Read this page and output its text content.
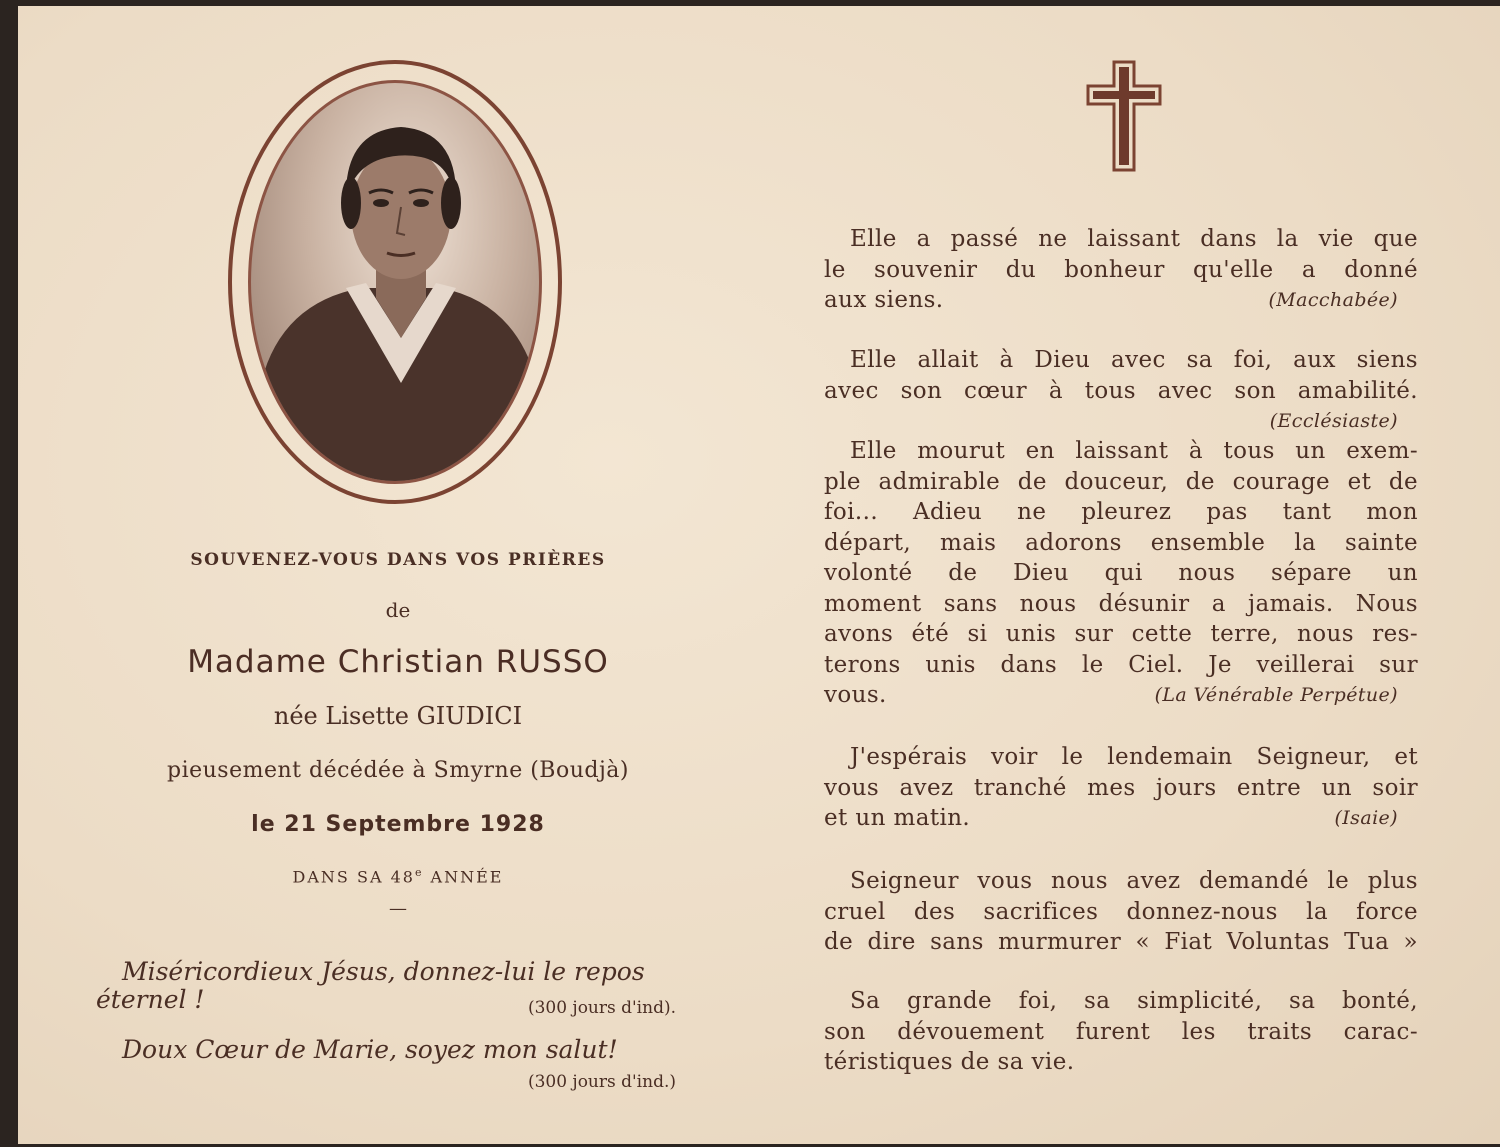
SOUVENEZ-VOUS DANS VOS PRIÈRES
de
Madame Christian RUSSO
née Lisette GIUDICI
pieusement décédée à Smyrne (Boudjà)
le 21 Septembre 1928
DANS SA 48e ANNÉE
—
Miséricordieux Jésus, donnez-lui le repos
éternel !	(300 jours d'ind).
Doux Cœur de Marie, soyez mon salut!
(300 jours d'ind.)
Elle a passé ne laissant dans la vie que
le souvenir du bonheur qu'elle a donné
aux siens.	(Macchabée)
Elle allait à Dieu avec sa foi, aux siens
avec son cœur à tous avec son amabilité.
(Ecclésiaste)
Elle mourut en laissant à tous un exem-
ple admirable de douceur, de courage et de
foi... Adieu ne pleurez pas tant mon
départ, mais adorons ensemble la sainte
volonté de Dieu qui nous sépare un
moment sans nous désunir a jamais. Nous
avons été si unis sur cette terre, nous res-
terons unis dans le Ciel. Je veillerai sur
vous.	(La Vénérable Perpétue)
J'espérais voir le lendemain Seigneur, et
vous avez tranché mes jours entre un soir
et un matin.	(Isaie)
Seigneur vous nous avez demandé le plus
cruel des sacrifices donnez-nous la force
de dire sans murmurer « Fiat Voluntas Tua »
Sa grande foi, sa simplicité, sa bonté,
son dévouement furent les traits carac-
téristiques de sa vie.
